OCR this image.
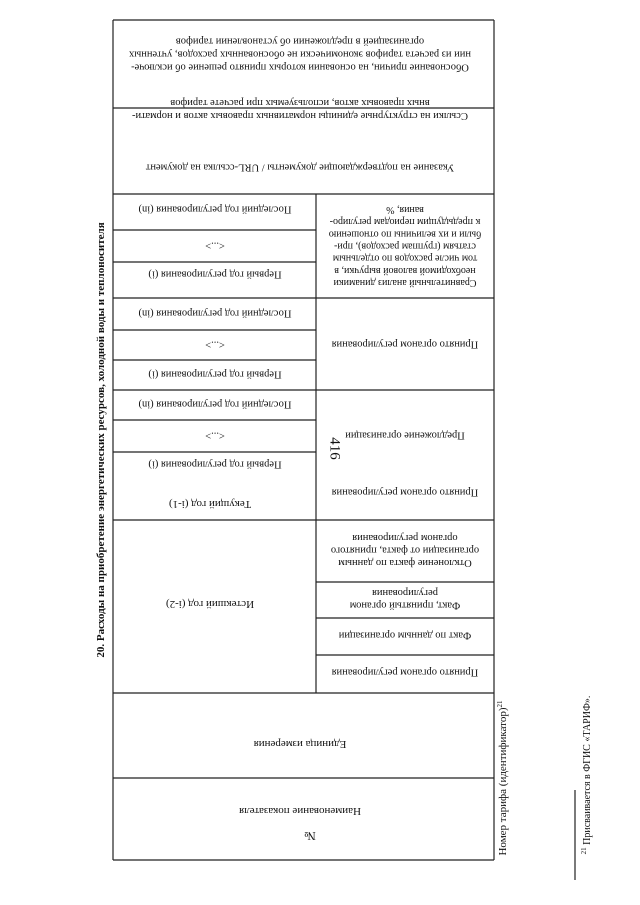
416
Наименование показателя
Единица измерения
№
Истекший год (i-2)
Принято органом регулирования
Факт по данным организации
Факт, принятый органом
регулирования
Отклонение факта по данным
организации от факта, принятого
органом регулирования
Текущий год (i-1)
Принято органом регулирования
Предложение организации
Первый год регулирования (i)
<...>
Последний год регулирования (in)
Принято органом регулирования
Первый год регулирования (i)
<...>
Последний год регулирования (in)
Сравнительный анализ динамики
необходимой валовой выручки, в
том числе расходов по отдельным
статьям (группам расходов), при-
были и их величины по отношению
к предыдущим периодам регулиро-
вания, %
Первый год регулирования (i)
<...>
Последний год регулирования (in)
Указание на подтверждающие документы / URL-ссылка на документ
Ссылки на структурные единицы нормативных правовых актов и нормати-
вных правовых актов, используемых при расчете тарифов
Обоснование причин, на основании которых принято решение об исключе-
нии из расчета тарифов экономически не обоснованных расходов, учтенных
организацией в предложении об установлении тарифов
20. Расходы на приобретение энергетических ресурсов, холодной воды и теплоносителя
Номер тарифа (идентификатор)$^{21}$
$^{21}$ Присваивается в ФГИС «ТАРИФ».
